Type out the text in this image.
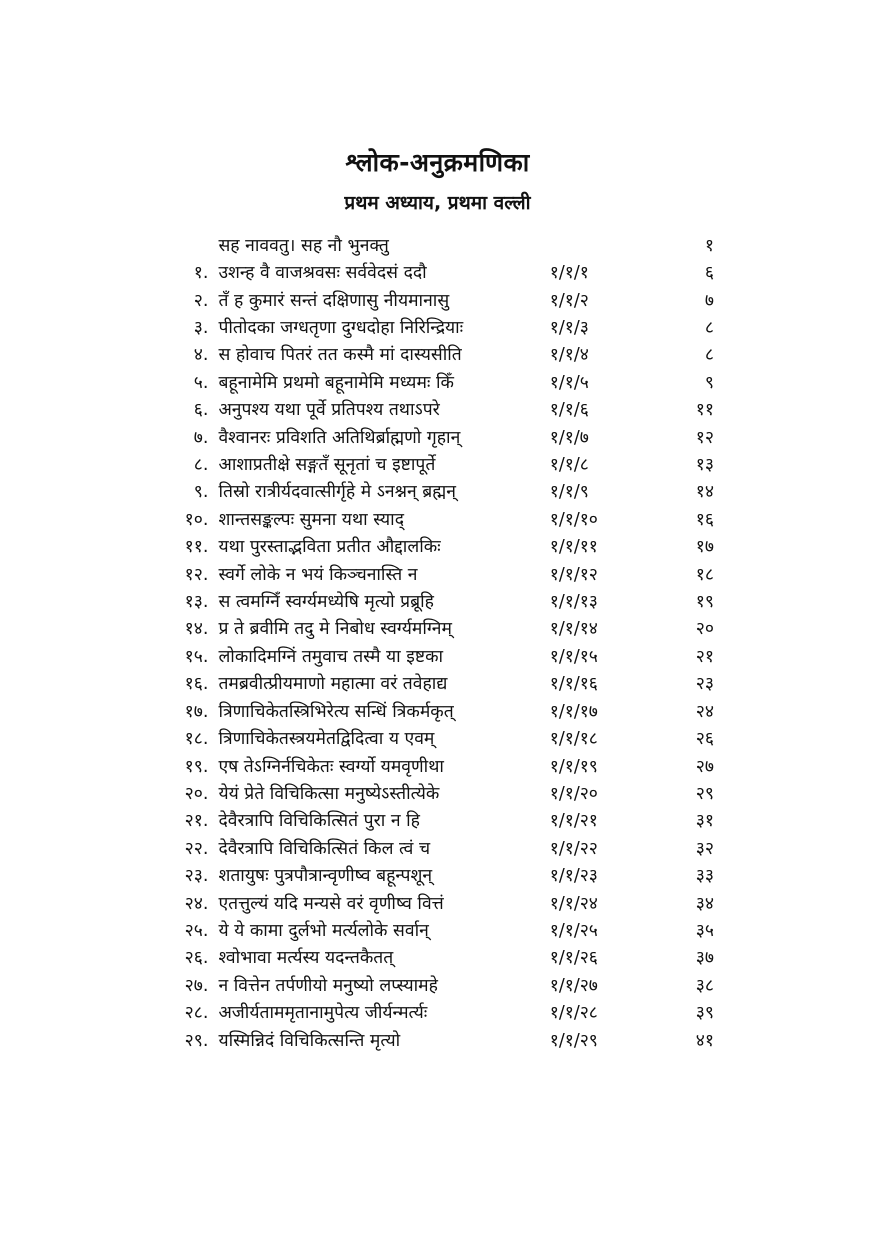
श्लोक-अनुक्रमणिका
प्रथम अध्याय, प्रथमा वल्ली
	सह नाववतु। सह नौ भुनक्तु		१
१.	उशन्ह वै वाजश्रवसः सर्ववेदसं ददौ	१/१/१	६
२.	तँ ह कुमारं सन्तं दक्षिणासु नीयमानासु	१/१/२	७
३.	पीतोदका जग्धतृणा दुग्धदोहा निरिन्द्रियाः	१/१/३	८
४.	स होवाच पितरं तत कस्मै मां दास्यसीति	१/१/४	८
५.	बहूनामेमि प्रथमो बहूनामेमि मध्यमः किँ	१/१/५	९
६.	अनुपश्य यथा पूर्वे प्रतिपश्य तथाऽपरे	१/१/६	११
७.	वैश्वानरः प्रविशति अतिथिर्ब्राह्मणो गृहान्	१/१/७	१२
८.	आशाप्रतीक्षे सङ्गतँ सूनृतां च इष्टापूर्ते	१/१/८	१३
९.	तिस्रो रात्रीर्यदवात्सीर्गृहे मे ऽनश्नन् ब्रह्मन्	१/१/९	१४
१०.	शान्तसङ्कल्पः सुमना यथा स्याद्	१/१/१०	१६
११.	यथा पुरस्ताद्भविता प्रतीत औद्दालकिः	१/१/११	१७
१२.	स्वर्गे लोके न भयं किञ्चनास्ति न	१/१/१२	१८
१३.	स त्वमग्निँ स्वर्ग्यमध्येषि मृत्यो प्रब्रूहि	१/१/१३	१९
१४.	प्र ते ब्रवीमि तदु मे निबोध स्वर्ग्यमग्निम्	१/१/१४	२०
१५.	लोकादिमग्निं तमुवाच तस्मै या इष्टका	१/१/१५	२१
१६.	तमब्रवीत्प्रीयमाणो महात्मा वरं तवेहाद्य	१/१/१६	२३
१७.	त्रिणाचिकेतस्त्रिभिरेत्य सन्धिं त्रिकर्मकृत्	१/१/१७	२४
१८.	त्रिणाचिकेतस्त्रयमेतद्विदित्वा य एवम्	१/१/१८	२६
१९.	एष तेऽग्निर्नचिकेतः स्वर्ग्यो यमवृणीथा	१/१/१९	२७
२०.	येयं प्रेते विचिकित्सा मनुष्येऽस्तीत्येके	१/१/२०	२९
२१.	देवैरत्रापि विचिकित्सितं पुरा न हि	१/१/२१	३१
२२.	देवैरत्रापि विचिकित्सितं किल त्वं च	१/१/२२	३२
२३.	शतायुषः पुत्रपौत्रान्वृणीष्व बहून्पशून्	१/१/२३	३३
२४.	एतत्तुल्यं यदि मन्यसे वरं वृणीष्व वित्तं	१/१/२४	३४
२५.	ये ये कामा दुर्लभो मर्त्यलोके सर्वान्	१/१/२५	३५
२६.	श्वोभावा मर्त्यस्य यदन्तकैतत्	१/१/२६	३७
२७.	न वित्तेन तर्पणीयो मनुष्यो लप्स्यामहे	१/१/२७	३८
२८.	अजीर्यताममृतानामुपेत्य जीर्यन्मर्त्यः	१/१/२८	३९
२९.	यस्मिन्निदं विचिकित्सन्ति मृत्यो	१/१/२९	४१
